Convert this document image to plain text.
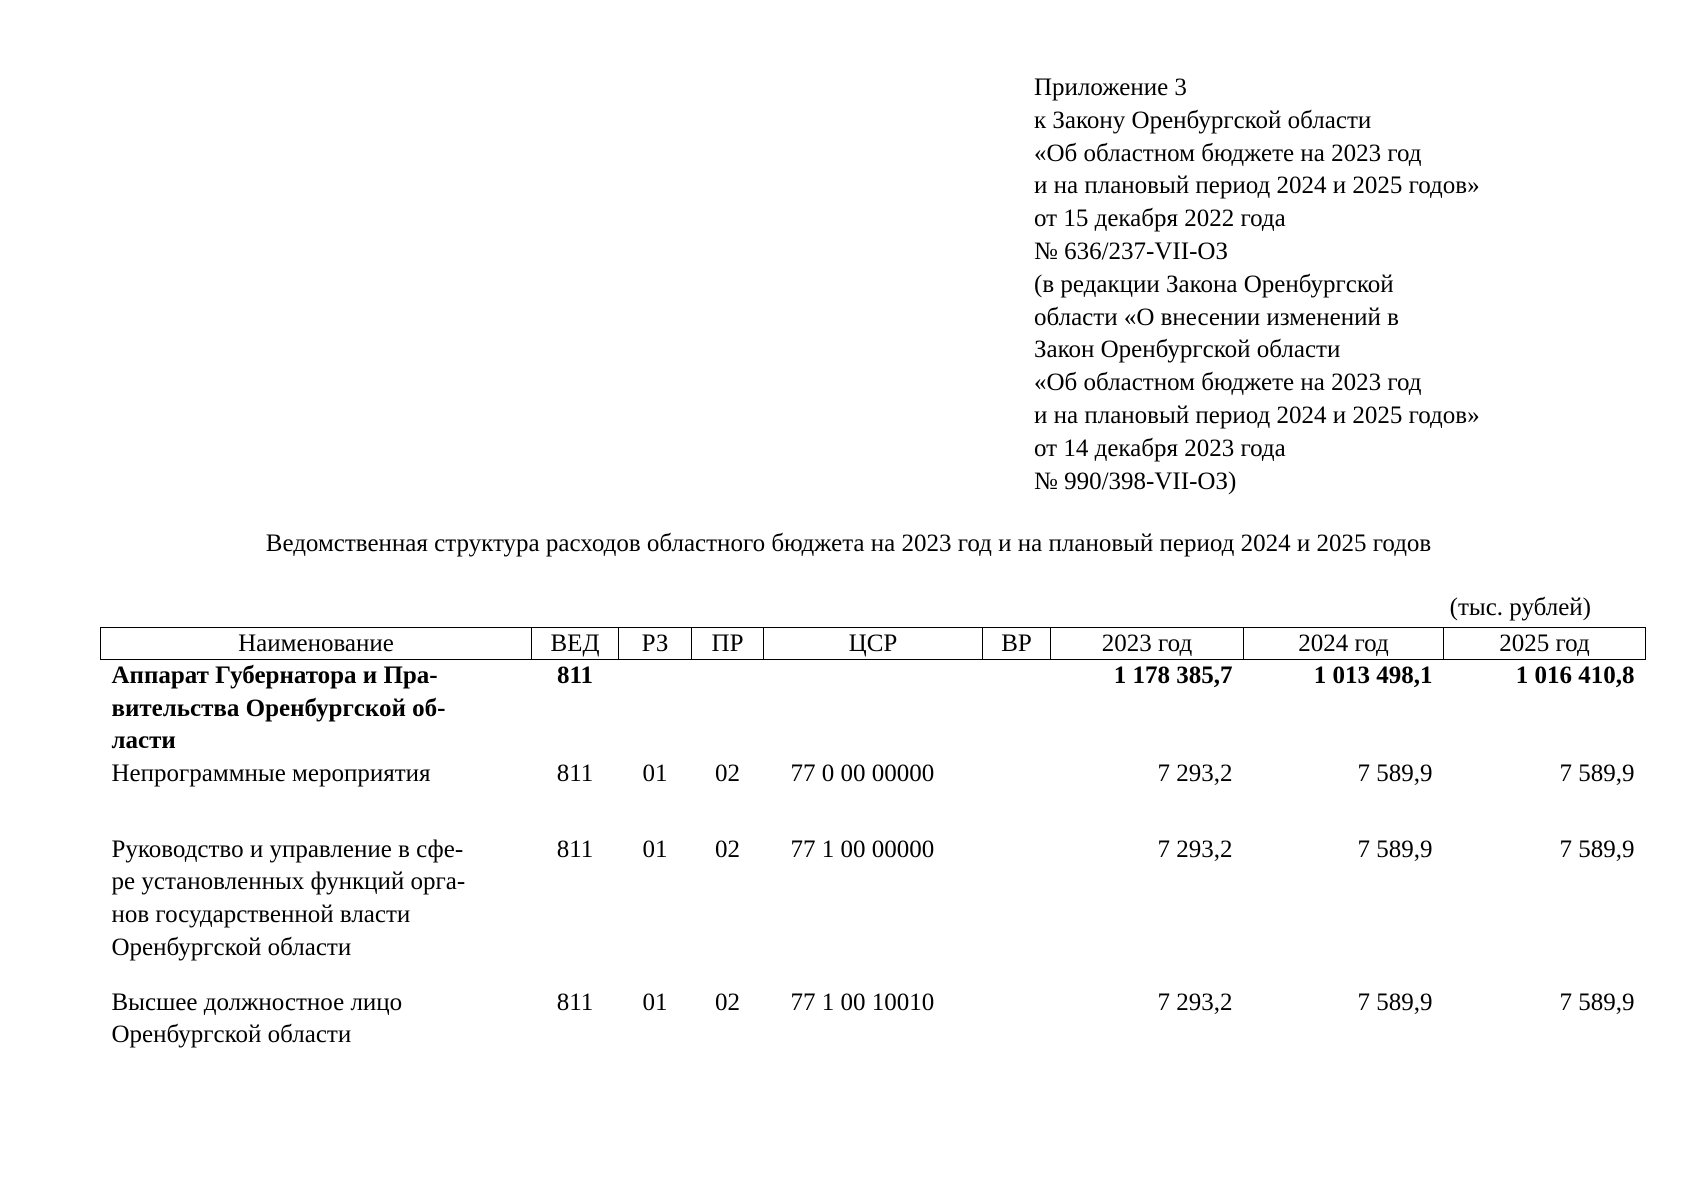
Приложение 3
к Закону Оренбургской области
«Об областном бюджете на 2023 год
и на плановый период 2024 и 2025 годов»
от 15 декабря 2022 года
№ 636/237-VII-ОЗ
(в редакции Закона Оренбургской
области «О внесении изменений в
Закон Оренбургской области
«Об областном бюджете на 2023 год
и на плановый период 2024 и 2025 годов»
от 14 декабря 2023 года
№ 990/398-VII-ОЗ)
Ведомственная структура расходов областного бюджета на 2023 год и на плановый период 2024 и 2025 годов
(тыс. рублей)
Наименование	ВЕД	РЗ	ПР	ЦСР	ВР	2023 год	2024 год	2025 год

Аппарат Губернатора и Пра-
вительства Оренбургской об-
ласти	811					1 178 385,7	1 013 498,1	1 016 410,8

Непрограммные мероприятия	811	01	02	77 0 00 00000		7 293,2	7 589,9	7 589,9

Руководство и управление в сфе-
ре установленных функций орга-
нов государственной власти
Оренбургской области	811	01	02	77 1 00 00000		7 293,2	7 589,9	7 589,9

Высшее должностное лицо
Оренбургской области	811	01	02	77 1 00 10010		7 293,2	7 589,9	7 589,9
